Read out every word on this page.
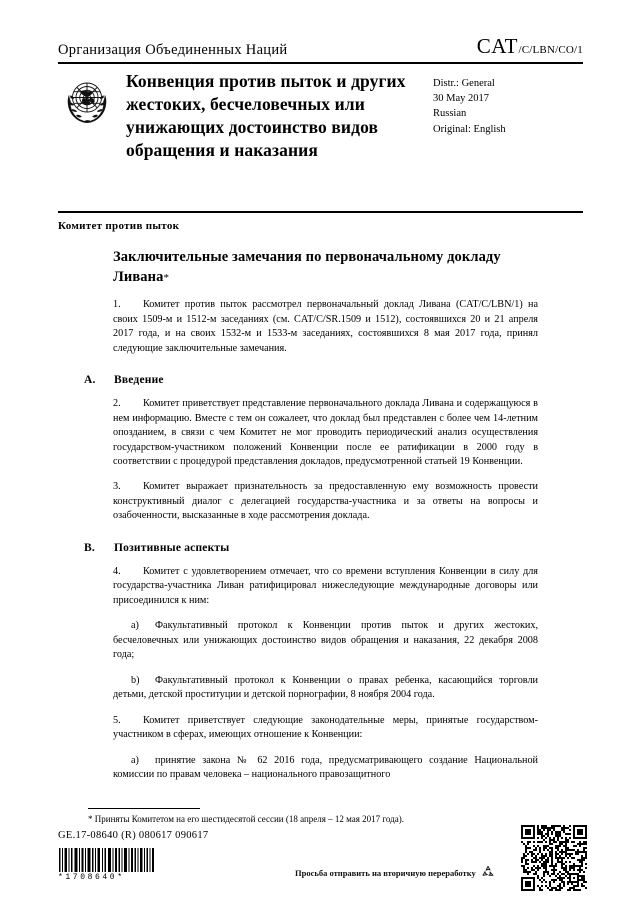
Организация Объединенных Наций	CAT /C/LBN/CO/1
Конвенция против пыток и других жестоких, бесчеловечных или унижающих достоинство видов обращения и наказания
Distr.: General
30 May 2017
Russian
Original: English
Комитет против пыток
Заключительные замечания по первоначальному докладу Ливана*
1. Комитет против пыток рассмотрел первоначальный доклад Ливана (CAT/C/LBN/1) на своих 1509-м и 1512-м заседаниях (см. CAT/C/SR.1509 и 1512), состоявшихся 20 и 21 апреля 2017 года, и на своих 1532-м и 1533-м заседаниях, состоявшихся 8 мая 2017 года, принял следующие заключительные замечания.
A.	Введение
2. Комитет приветствует представление первоначального доклада Ливана и содержащуюся в нем информацию. Вместе с тем он сожалеет, что доклад был представлен с более чем 14-летним опозданием, в связи с чем Комитет не мог проводить периодический анализ осуществления государством-участником положений Конвенции после ее ратификации в 2000 году в соответствии с процедурой представления докладов, предусмотренной статьей 19 Конвенции.
3. Комитет выражает признательность за предоставленную ему возможность провести конструктивный диалог с делегацией государства-участника и за ответы на вопросы и озабоченности, высказанные в ходе рассмотрения доклада.
B.	Позитивные аспекты
4. Комитет с удовлетворением отмечает, что со времени вступления Конвенции в силу для государства-участника Ливан ратифицировал нижеследующие международные договоры или присоединился к ним:
a) Факультативный протокол к Конвенции против пыток и других жестоких, бесчеловечных или унижающих достоинство видов обращения и наказания, 22 декабря 2008 года;
b) Факультативный протокол к Конвенции о правах ребенка, касающийся торговли детьми, детской проституции и детской порнографии, 8 ноября 2004 года.
5. Комитет приветствует следующие законодательные меры, принятые государством-участником в сферах, имеющих отношение к Конвенции:
a) принятие закона № 62 2016 года, предусматривающего создание Национальной комиссии по правам человека – национального правозащитного
* Приняты Комитетом на его шестидесятой сессии (18 апреля – 12 мая 2017 года).
GE.17-08640 (R) 080617 090617
*1708640*	Просьба отправить на вторичную переработку
